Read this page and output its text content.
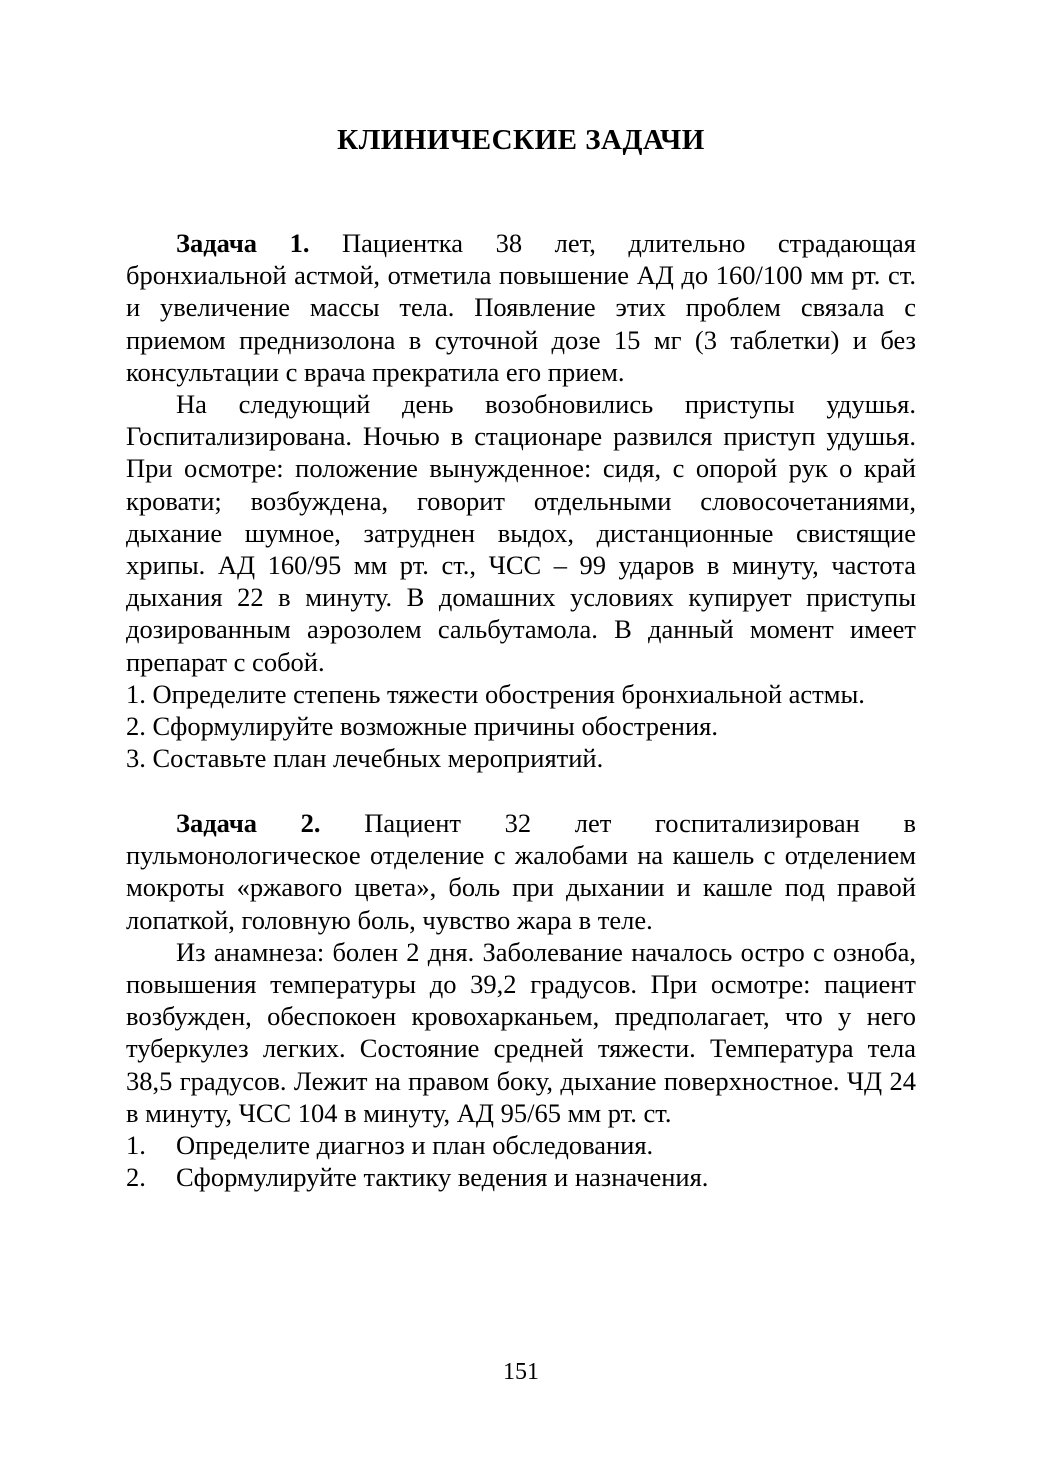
КЛИНИЧЕСКИЕ ЗАДАЧИ

Задача 1. Пациентка 38 лет, длительно страдающая бронхиальной астмой, отметила повышение АД до 160/100 мм рт. ст. и увеличение массы тела. Появление этих проблем связала с приемом преднизолона в суточной дозе 15 мг (3 таблетки) и без консультации с врача прекратила его прием.

На следующий день возобновились приступы удушья. Госпитализирована. Ночью в стационаре развился приступ удушья. При осмотре: положение вынужденное: сидя, с опорой рук о край кровати; возбуждена, говорит отдельными словосочетаниями, дыхание шумное, затруднен выдох, дистанционные свистящие хрипы. АД 160/95 мм рт. ст., ЧСС – 99 ударов в минуту, частота дыхания 22 в минуту. В домашних условиях купирует приступы дозированным аэрозолем сальбутамола. В данный момент имеет препарат с собой.

1. Определите степень тяжести обострения бронхиальной астмы.
2. Сформулируйте возможные причины обострения.
3. Составьте план лечебных мероприятий.

Задача 2. Пациент 32 лет госпитализирован в пульмонологическое отделение с жалобами на кашель с отделением мокроты «ржавого цвета», боль при дыхании и кашле под правой лопаткой, головную боль, чувство жара в теле.

Из анамнеза: болен 2 дня. Заболевание началось остро с озноба, повышения температуры до 39,2 градусов. При осмотре: пациент возбужден, обеспокоен кровохарканьем, предполагает, что у него туберкулез легких. Состояние средней тяжести. Температура тела 38,5 градусов. Лежит на правом боку, дыхание поверхностное. ЧД 24 в минуту, ЧСС 104 в минуту, АД 95/65 мм рт. ст.

1.	Определите диагноз и план обследования.
2.	Сформулируйте тактику ведения и назначения.

151
